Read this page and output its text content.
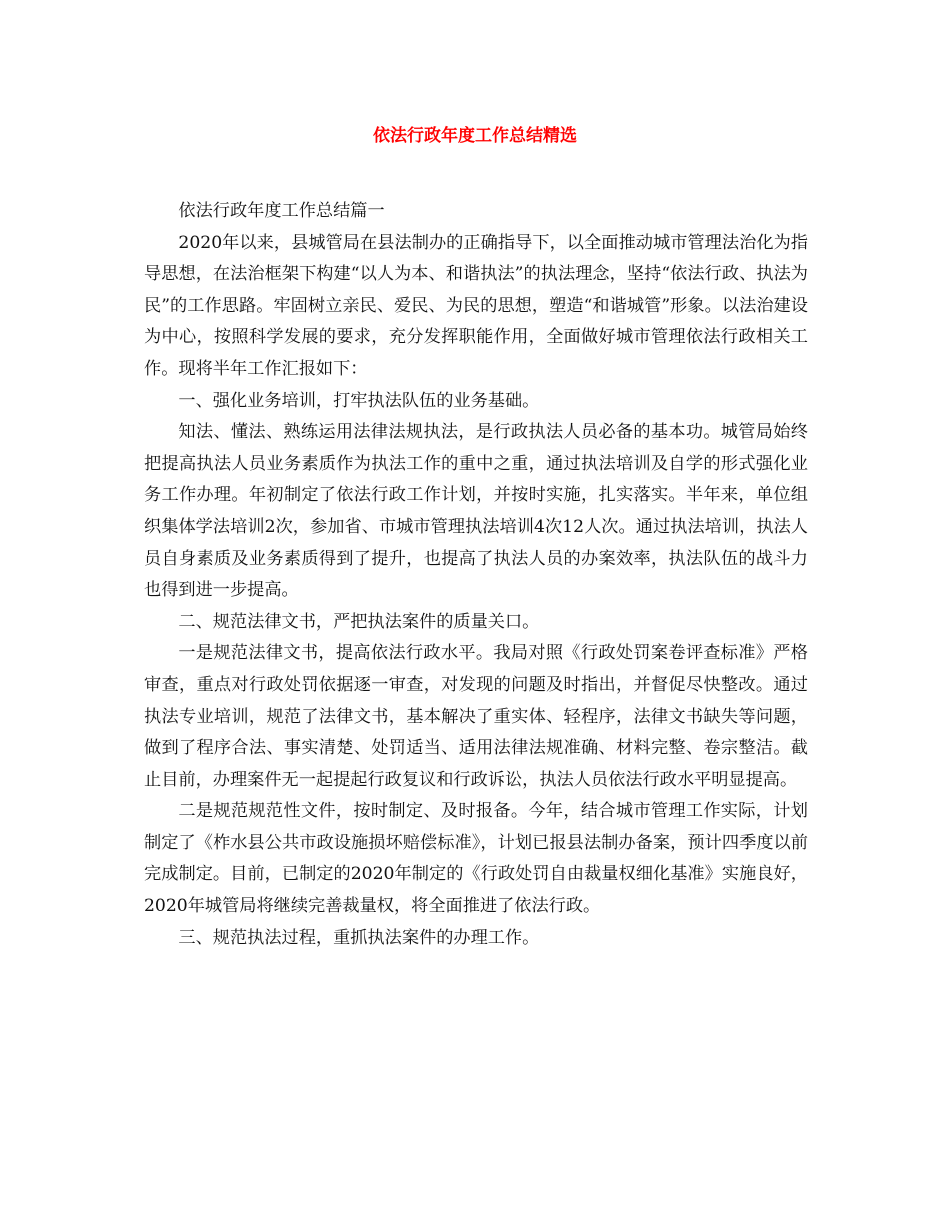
依法行政年度工作总结精选

依法行政年度工作总结篇一

2020年以来，县城管局在县法制办的正确指导下，以全面推动城市管理法治化为指导思想，在法治框架下构建“以人为本、和谐执法”的执法理念，坚持“依法行政、执法为民”的工作思路。牢固树立亲民、爱民、为民的思想，塑造“和谐城管”形象。以法治建设为中心，按照科学发展的要求，充分发挥职能作用，全面做好城市管理依法行政相关工作。现将半年工作汇报如下：

一、强化业务培训，打牢执法队伍的业务基础。

知法、懂法、熟练运用法律法规执法，是行政执法人员必备的基本功。城管局始终把提高执法人员业务素质作为执法工作的重中之重，通过执法培训及自学的形式强化业务工作办理。年初制定了依法行政工作计划，并按时实施，扎实落实。半年来，单位组织集体学法培训2次，参加省、市城市管理执法培训4次12人次。通过执法培训，执法人员自身素质及业务素质得到了提升，也提高了执法人员的办案效率，执法队伍的战斗力也得到进一步提高。

二、规范法律文书，严把执法案件的质量关口。

一是规范法律文书，提高依法行政水平。我局对照《行政处罚案卷评查标准》严格审查，重点对行政处罚依据逐一审查，对发现的问题及时指出，并督促尽快整改。通过执法专业培训，规范了法律文书，基本解决了重实体、轻程序，法律文书缺失等问题，做到了程序合法、事实清楚、处罚适当、适用法律法规准确、材料完整、卷宗整洁。截止目前，办理案件无一起提起行政复议和行政诉讼，执法人员依法行政水平明显提高。

二是规范规范性文件，按时制定、及时报备。今年，结合城市管理工作实际，计划制定了《柞水县公共市政设施损坏赔偿标准》，计划已报县法制办备案，预计四季度以前完成制定。目前，已制定的2020年制定的《行政处罚自由裁量权细化基准》实施良好，2020年城管局将继续完善裁量权，将全面推进了依法行政。

三、规范执法过程，重抓执法案件的办理工作。
